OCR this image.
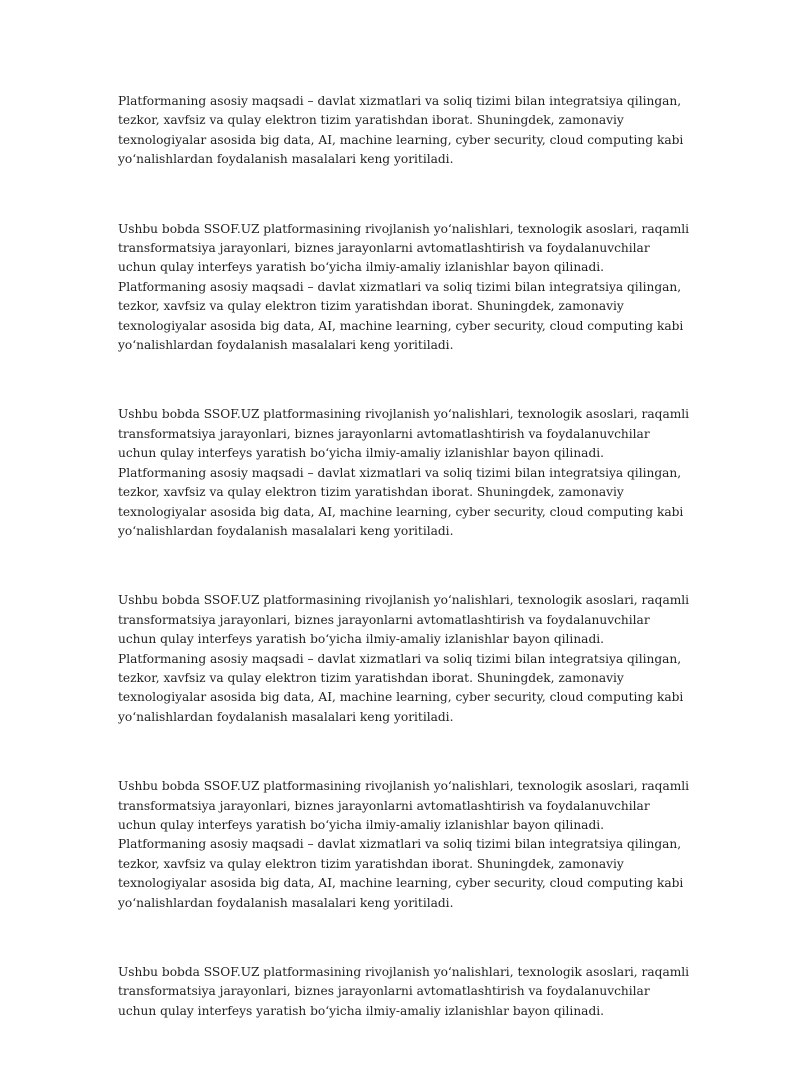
Platformaning asosiy maqsadi – davlat xizmatlari va soliq tizimi bilan integratsiya qilingan,
tezkor, xavfsiz va qulay elektron tizim yaratishdan iborat. Shuningdek, zamonaviy
texnologiyalar asosida big data, AI, machine learning, cyber security, cloud computing kabi
yo‘nalishlardan foydalanish masalalari keng yoritiladi.

Ushbu bobda SSOF.UZ platformasining rivojlanish yo‘nalishlari, texnologik asoslari, raqamli
transformatsiya jarayonlari, biznes jarayonlarni avtomatlashtirish va foydalanuvchilar
uchun qulay interfeys yaratish bo‘yicha ilmiy-amaliy izlanishlar bayon qilinadi.
Platformaning asosiy maqsadi – davlat xizmatlari va soliq tizimi bilan integratsiya qilingan,
tezkor, xavfsiz va qulay elektron tizim yaratishdan iborat. Shuningdek, zamonaviy
texnologiyalar asosida big data, AI, machine learning, cyber security, cloud computing kabi
yo‘nalishlardan foydalanish masalalari keng yoritiladi.

Ushbu bobda SSOF.UZ platformasining rivojlanish yo‘nalishlari, texnologik asoslari, raqamli
transformatsiya jarayonlari, biznes jarayonlarni avtomatlashtirish va foydalanuvchilar
uchun qulay interfeys yaratish bo‘yicha ilmiy-amaliy izlanishlar bayon qilinadi.
Platformaning asosiy maqsadi – davlat xizmatlari va soliq tizimi bilan integratsiya qilingan,
tezkor, xavfsiz va qulay elektron tizim yaratishdan iborat. Shuningdek, zamonaviy
texnologiyalar asosida big data, AI, machine learning, cyber security, cloud computing kabi
yo‘nalishlardan foydalanish masalalari keng yoritiladi.

Ushbu bobda SSOF.UZ platformasining rivojlanish yo‘nalishlari, texnologik asoslari, raqamli
transformatsiya jarayonlari, biznes jarayonlarni avtomatlashtirish va foydalanuvchilar
uchun qulay interfeys yaratish bo‘yicha ilmiy-amaliy izlanishlar bayon qilinadi.
Platformaning asosiy maqsadi – davlat xizmatlari va soliq tizimi bilan integratsiya qilingan,
tezkor, xavfsiz va qulay elektron tizim yaratishdan iborat. Shuningdek, zamonaviy
texnologiyalar asosida big data, AI, machine learning, cyber security, cloud computing kabi
yo‘nalishlardan foydalanish masalalari keng yoritiladi.

Ushbu bobda SSOF.UZ platformasining rivojlanish yo‘nalishlari, texnologik asoslari, raqamli
transformatsiya jarayonlari, biznes jarayonlarni avtomatlashtirish va foydalanuvchilar
uchun qulay interfeys yaratish bo‘yicha ilmiy-amaliy izlanishlar bayon qilinadi.
Platformaning asosiy maqsadi – davlat xizmatlari va soliq tizimi bilan integratsiya qilingan,
tezkor, xavfsiz va qulay elektron tizim yaratishdan iborat. Shuningdek, zamonaviy
texnologiyalar asosida big data, AI, machine learning, cyber security, cloud computing kabi
yo‘nalishlardan foydalanish masalalari keng yoritiladi.

Ushbu bobda SSOF.UZ platformasining rivojlanish yo‘nalishlari, texnologik asoslari, raqamli
transformatsiya jarayonlari, biznes jarayonlarni avtomatlashtirish va foydalanuvchilar
uchun qulay interfeys yaratish bo‘yicha ilmiy-amaliy izlanishlar bayon qilinadi.
